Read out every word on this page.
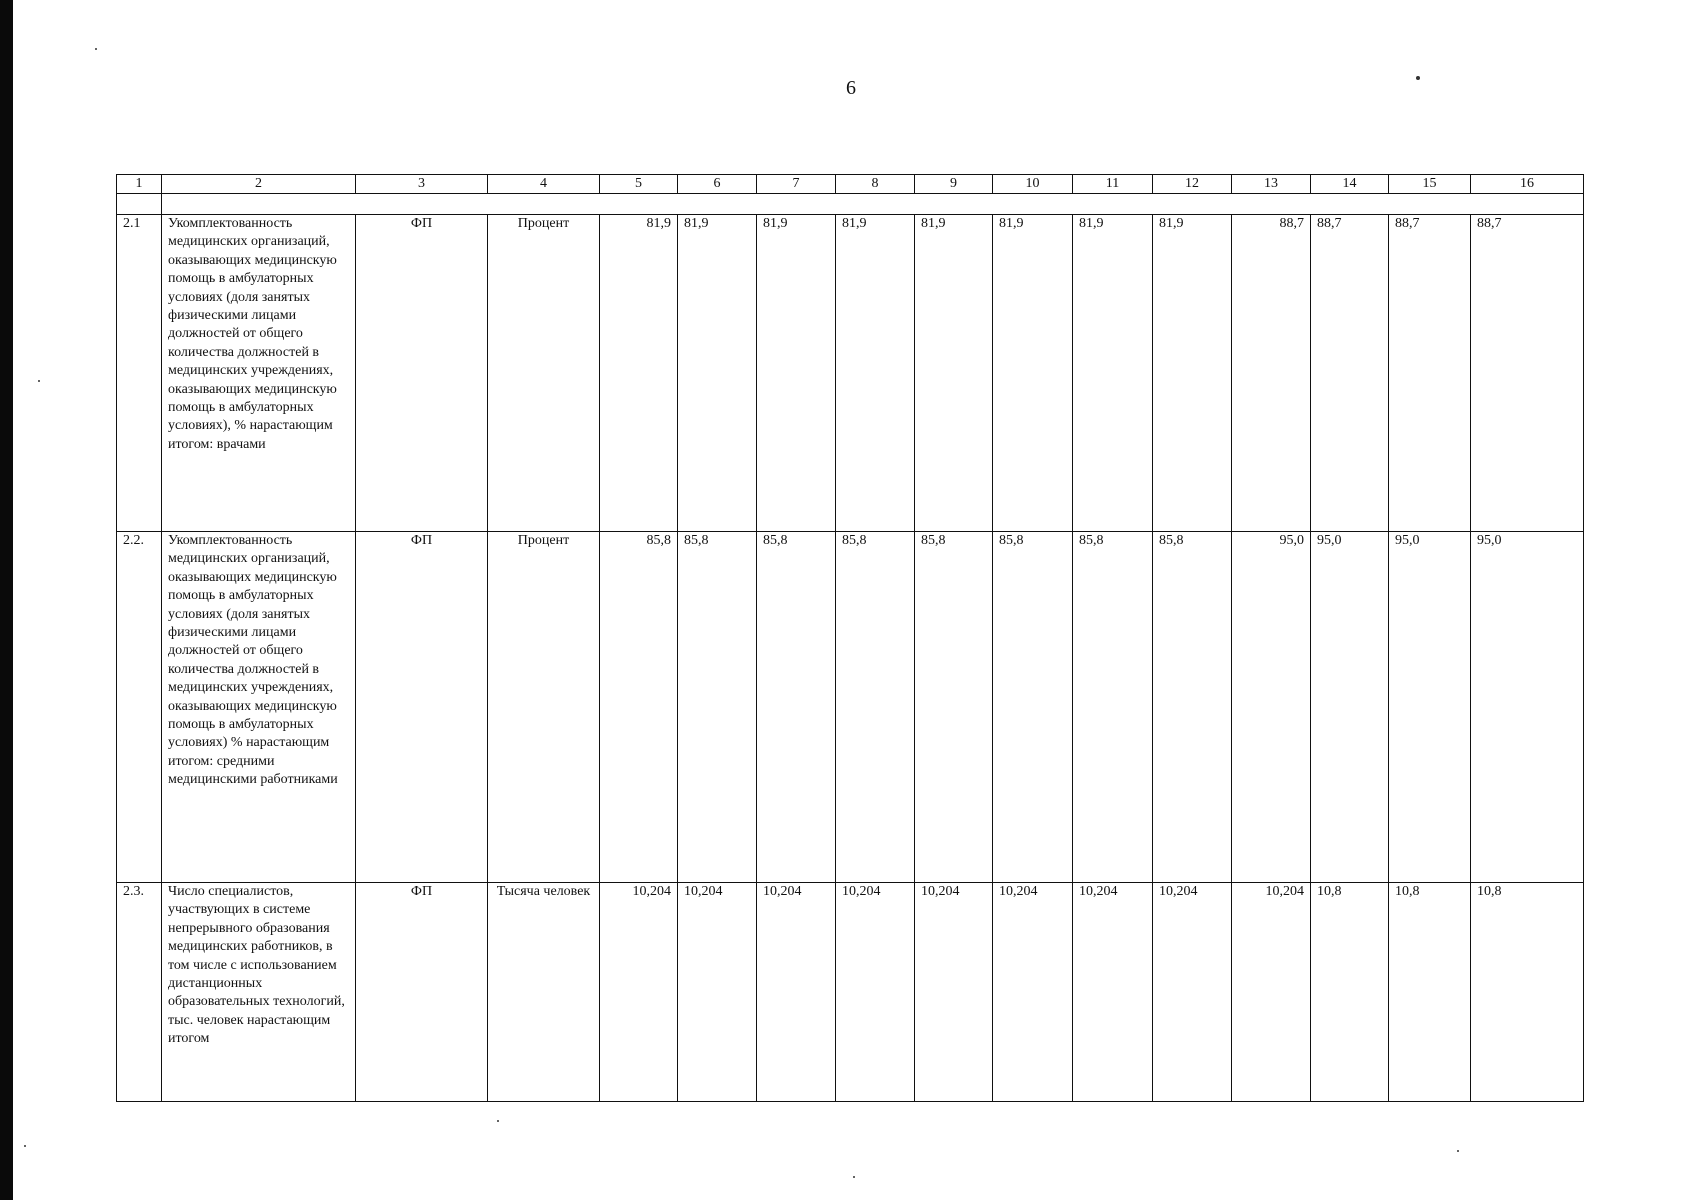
6
1	2	3	4	5	6	7	8	9	10	11	12	13	14	15	16

2.1	Укомплектованность медицинских организаций, оказывающих медицинскую помощь в амбулаторных условиях (доля занятых физическими лицами должностей от общего количества должностей в медицинских учреждениях, оказывающих медицинскую помощь в амбулаторных условиях), % нарастающим итогом: врачами	ФП	Процент	81,9	81,9	81,9	81,9	81,9	81,9	81,9	81,9	88,7	88,7	88,7	88,7
2.2.	Укомплектованность медицинских организаций, оказывающих медицинскую помощь в амбулаторных условиях (доля занятых физическими лицами должностей от общего количества должностей в медицинских учреждениях, оказывающих медицинскую помощь в амбулаторных условиях) % нарастающим итогом: средними медицинскими работниками	ФП	Процент	85,8	85,8	85,8	85,8	85,8	85,8	85,8	85,8	95,0	95,0	95,0	95,0
2.3.	Число специалистов, участвующих в системе непрерывного образования медицинских работников, в том числе с использованием дистанционных образовательных технологий, тыс. человек нарастающим итогом	ФП	Тысяча человек	10,204	10,204	10,204	10,204	10,204	10,204	10,204	10,204	10,204	10,8	10,8	10,8
